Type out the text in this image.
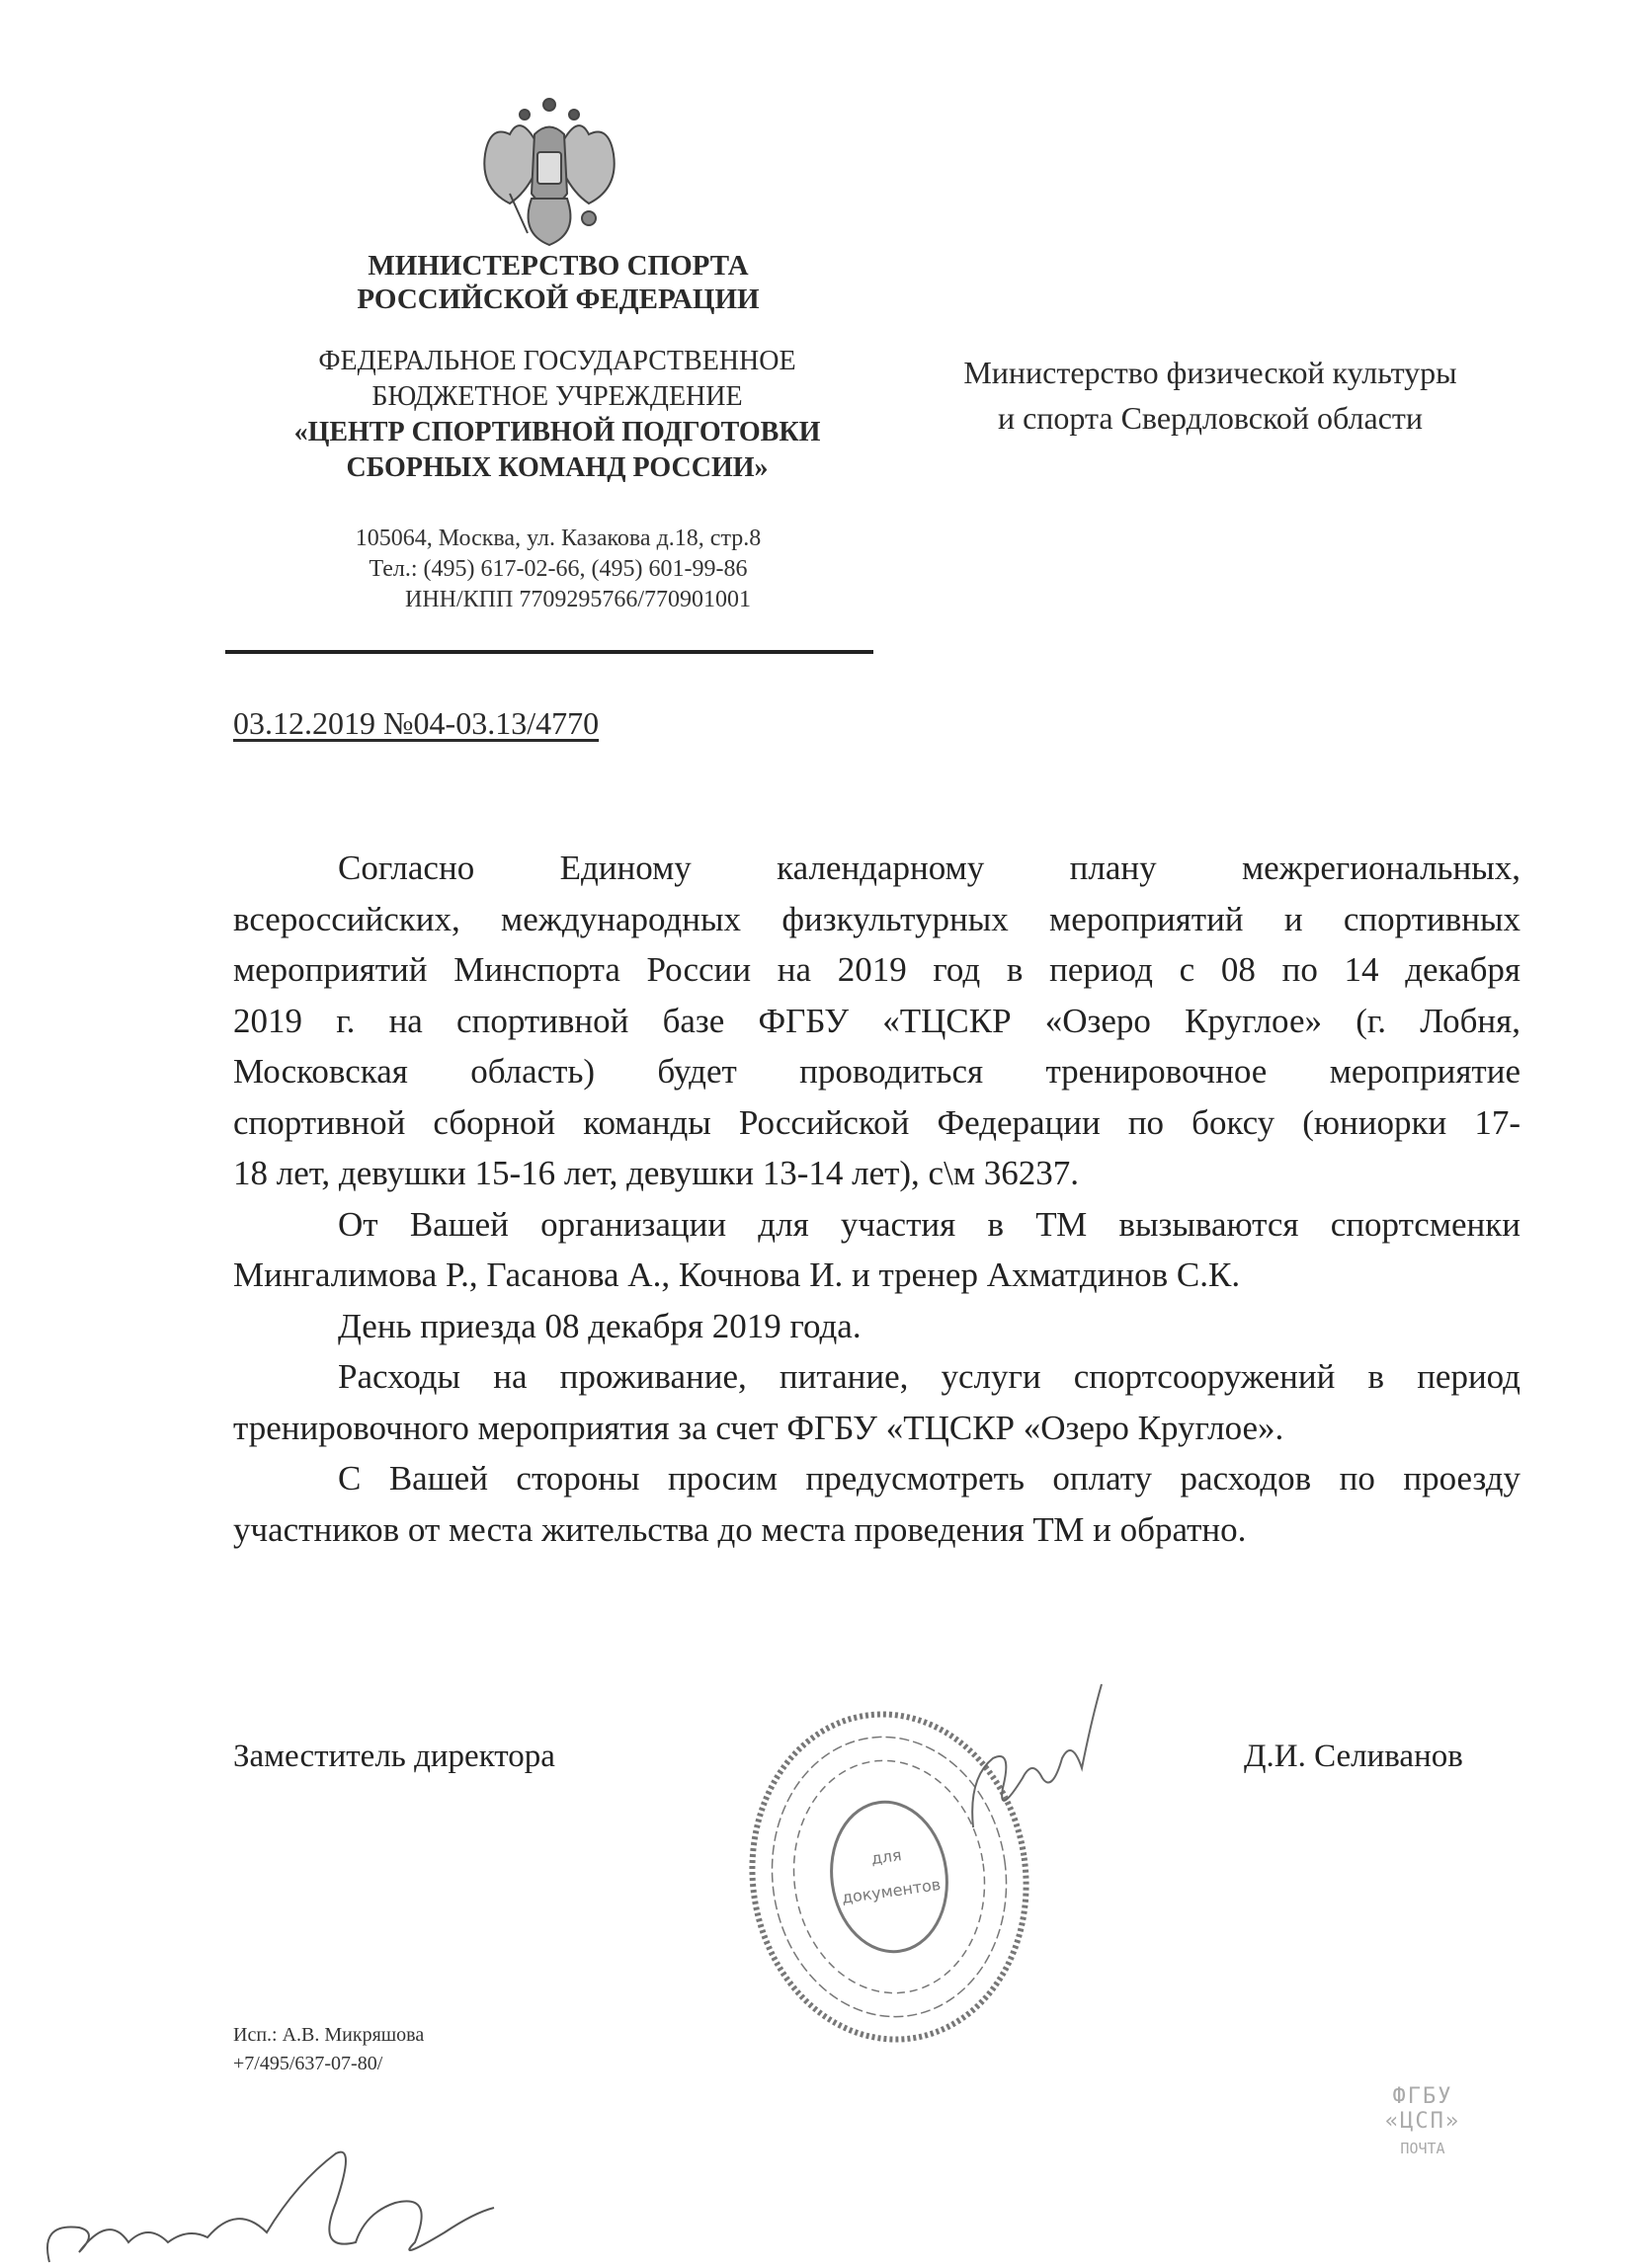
МИНИСТЕРСТВО СПОРТА
РОССИЙСКОЙ ФЕДЕРАЦИИ
ФЕДЕРАЛЬНОЕ ГОСУДАРСТВЕННОЕ
БЮДЖЕТНОЕ УЧРЕЖДЕНИЕ
«ЦЕНТР СПОРТИВНОЙ ПОДГОТОВКИ
СБОРНЫХ КОМАНД РОССИИ»
105064, Москва, ул. Казакова д.18, стр.8
Тел.: (495) 617-02-66, (495) 601-99-86
ИНН/КПП 7709295766/770901001
Министерство физической культуры
и спорта Свердловской области
03.12.2019 №04-03.13/4770
Согласно Единому календарному плану межрегиональных,
всероссийских, международных физкультурных мероприятий и спортивных
мероприятий Минспорта России на 2019 год в период с 08 по 14 декабря
2019 г. на спортивной базе ФГБУ «ТЦСКР «Озеро Круглое» (г. Лобня,
Московская область) будет проводиться тренировочное мероприятие
спортивной сборной команды Российской Федерации по боксу (юниорки 17-
18 лет, девушки 15-16 лет, девушки 13-14 лет), с\м 36237.
От Вашей организации для участия в ТМ вызываются спортсменки
Мингалимова Р., Гасанова А., Кочнова И. и тренер Ахматдинов С.К.
День приезда 08 декабря 2019 года.
Расходы на проживание, питание, услуги спортсооружений в период
тренировочного мероприятия за счет ФГБУ «ТЦСКР «Озеро Круглое».
С Вашей стороны просим предусмотреть оплату расходов по проезду
участников от места жительства до места проведения ТМ и обратно.
Заместитель директора	Д.И. Селиванов
для
документов
Исп.: А.В. Микряшова
+7/495/637-07-80/
ФГБУ «ЦСП»
ПОЧТА
